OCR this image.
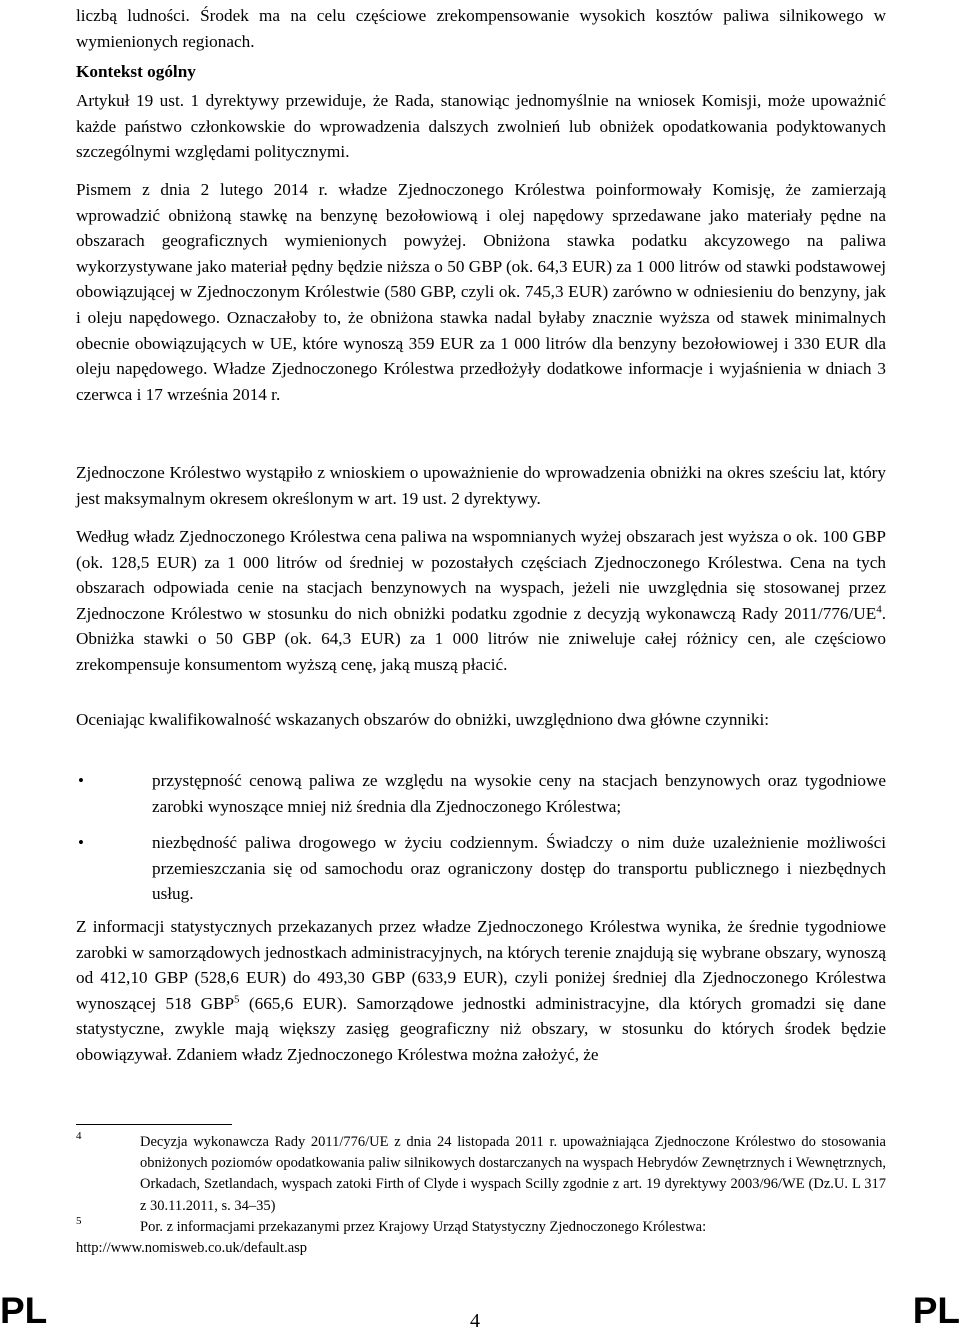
liczbą ludności. Środek ma na celu częściowe zrekompensowanie wysokich kosztów paliwa silnikowego w wymienionych regionach.

Kontekst ogólny

Artykuł 19 ust. 1 dyrektywy przewiduje, że Rada, stanowiąc jednomyślnie na wniosek Komisji, może upoważnić każde państwo członkowskie do wprowadzenia dalszych zwolnień lub obniżek opodatkowania podyktowanych szczególnymi względami politycznymi.

Pismem z dnia 2 lutego 2014 r. władze Zjednoczonego Królestwa poinformowały Komisję, że zamierzają wprowadzić obniżoną stawkę na benzynę bezołowiową i olej napędowy sprzedawane jako materiały pędne na obszarach geograficznych wymienionych powyżej. Obniżona stawka podatku akcyzowego na paliwa wykorzystywane jako materiał pędny będzie niższa o 50 GBP (ok. 64,3 EUR) za 1 000 litrów od stawki podstawowej obowiązującej w Zjednoczonym Królestwie (580 GBP, czyli ok. 745,3 EUR) zarówno w odniesieniu do benzyny, jak i oleju napędowego. Oznaczałoby to, że obniżona stawka nadal byłaby znacznie wyższa od stawek minimalnych obecnie obowiązujących w UE, które wynoszą 359 EUR za 1 000 litrów dla benzyny bezołowiowej i 330 EUR dla oleju napędowego. Władze Zjednoczonego Królestwa przedłożyły dodatkowe informacje i wyjaśnienia w dniach 3 czerwca i 17 września 2014 r.

Zjednoczone Królestwo wystąpiło z wnioskiem o upoważnienie do wprowadzenia obniżki na okres sześciu lat, który jest maksymalnym okresem określonym w art. 19 ust. 2 dyrektywy.

Według władz Zjednoczonego Królestwa cena paliwa na wspomnianych wyżej obszarach jest wyższa o ok. 100 GBP (ok. 128,5 EUR) za 1 000 litrów od średniej w pozostałych częściach Zjednoczonego Królestwa. Cena na tych obszarach odpowiada cenie na stacjach benzynowych na wyspach, jeżeli nie uwzględnia się stosowanej przez Zjednoczone Królestwo w stosunku do nich obniżki podatku zgodnie z decyzją wykonawczą Rady $2011/776/UE^4$. Obniżka stawki o 50 GBP (ok. 64,3 EUR) za 1 000 litrów nie zniweluje całej różnicy cen, ale częściowo zrekompensuje konsumentom wyższą cenę, jaką muszą płacić.

Oceniając kwalifikowalność wskazanych obszarów do obniżki, uwzględniono dwa główne czynniki:

•	przystępność cenową paliwa ze względu na wysokie ceny na stacjach benzynowych oraz tygodniowe zarobki wynoszące mniej niż średnia dla Zjednoczonego Królestwa;
•	niezbędność paliwa drogowego w życiu codziennym. Świadczy o nim duże uzależnienie możliwości przemieszczania się od samochodu oraz ograniczony dostęp do transportu publicznego i niezbędnych usług.

Z informacji statystycznych przekazanych przez władze Zjednoczonego Królestwa wynika, że średnie tygodniowe zarobki w samorządowych jednostkach administracyjnych, na których terenie znajdują się wybrane obszary, wynoszą od 412,10 GBP (528,6 EUR) do 493,30 GBP (633,9 EUR), czyli poniżej średniej dla Zjednoczonego Królestwa wynoszącej 518 GBP$^5$ (665,6 EUR). Samorządowe jednostki administracyjne, dla których gromadzi się dane statystyczne, zwykle mają większy zasięg geograficzny niż obszary, w stosunku do których środek będzie obowiązywał. Zdaniem władz Zjednoczonego Królestwa można założyć, że

4	Decyzja wykonawcza Rady 2011/776/UE z dnia 24 listopada 2011 r. upoważniająca Zjednoczone Królestwo do stosowania obniżonych poziomów opodatkowania paliw silnikowych dostarczanych na wyspach Hebrydów Zewnętrznych i Wewnętrznych, Orkadach, Szetlandach, wyspach zatoki Firth of Clyde i wyspach Scilly zgodnie z art. 19 dyrektywy 2003/96/WE (Dz.U. L 317 z 30.11.2011, s. 34–35)
5	Por. z informacjami przekazanymi przez Krajowy Urząd Statystyczny Zjednoczonego Królestwa:
http://www.nomisweb.co.uk/default.asp
PL	4	PL
